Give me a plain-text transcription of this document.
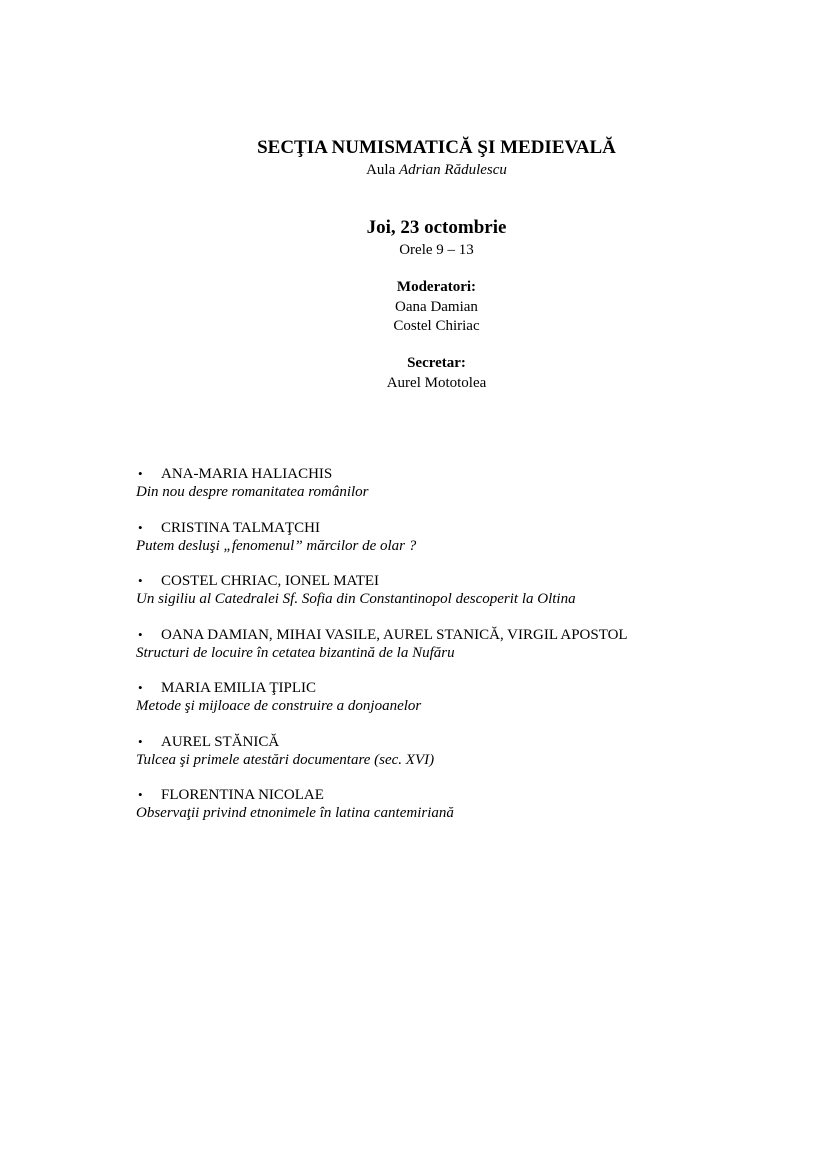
SECŢIA NUMISMATICĂ ŞI MEDIEVALĂ
Aula Adrian Rădulescu
Joi, 23 octombrie
Orele 9 – 13
Moderatori:
Oana Damian
Costel Chiriac
Secretar:
Aurel Mototolea
• ANA-MARIA HALIACHIS
Din nou despre romanitatea românilor
• CRISTINA TALMAŢCHI
Putem desluşi „fenomenul” mărcilor de olar ?
• COSTEL CHRIAC, IONEL MATEI
Un sigiliu al Catedralei Sf. Sofia din Constantinopol descoperit la Oltina
• OANA DAMIAN, MIHAI VASILE, AUREL STANICĂ, VIRGIL APOSTOL
Structuri de locuire în cetatea bizantină de la Nufăru
• MARIA EMILIA ŢIPLIC
Metode şi mijloace de construire a donjoanelor
• AUREL STĂNICĂ
Tulcea şi primele atestări documentare (sec. XVI)
• FLORENTINA NICOLAE
Observaţii privind etnonimele în latina cantemiriană
